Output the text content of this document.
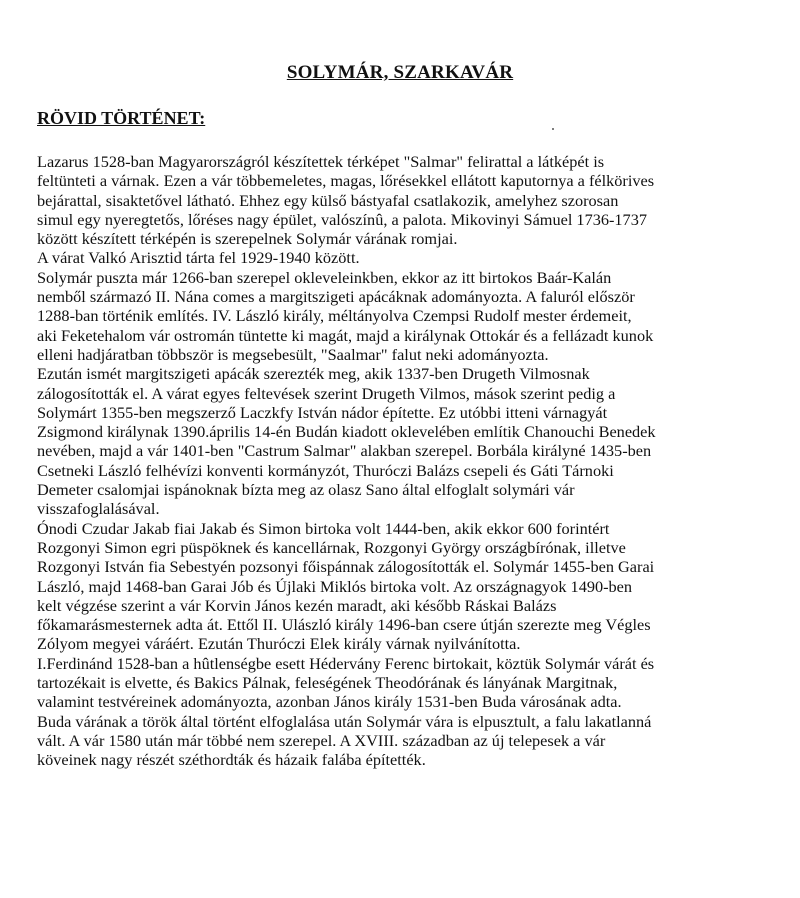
SOLYMÁR, SZARKAVÁR
RÖVID TÖRTÉNET:
Lazarus 1528-ban Magyarországról készítettek térképet "Salmar" felirattal a látképét is
feltünteti a várnak. Ezen a vár többemeletes, magas, lőrésekkel ellátott kaputornya a félkörives
bejárattal, sisaktetővel látható. Ehhez egy külső bástyafal csatlakozik, amelyhez szorosan
simul egy nyeregtetős, lőréses nagy épület, valószínû, a palota. Mikovinyi Sámuel 1736-1737
között készített térképén is szerepelnek Solymár várának romjai.
A várat Valkó Arisztid tárta fel 1929-1940 között.
Solymár puszta már 1266-ban szerepel okleveleinkben, ekkor az itt birtokos Baár-Kalán
nemből származó II. Nána comes a margitszigeti apácáknak adományozta. A faluról először
1288-ban történik említés. IV. László király, méltányolva Czempsi Rudolf mester érdemeit,
aki Feketehalom vár ostromán tüntette ki magát, majd a királynak Ottokár és a fellázadt kunok
elleni hadjáratban többször is megsebesült, "Saalmar" falut neki adományozta.
Ezután ismét margitszigeti apácák szerezték meg, akik 1337-ben Drugeth Vilmosnak
zálogosították el. A várat egyes feltevések szerint Drugeth Vilmos, mások szerint pedig a
Solymárt 1355-ben megszerző Laczkfy István nádor építette. Ez utóbbi itteni várnagyát
Zsigmond királynak 1390.április 14-én Budán kiadott oklevelében említik Chanouchi Benedek
nevében, majd a vár 1401-ben "Castrum Salmar" alakban szerepel. Borbála királyné 1435-ben
Csetneki László felhévízi konventi kormányzót, Thuróczi Balázs csepeli és Gáti Tárnoki
Demeter csalomjai ispánoknak bízta meg az olasz Sano által elfoglalt solymári vár
visszafoglalásával.
Ónodi Czudar Jakab fiai Jakab és Simon birtoka volt 1444-ben, akik ekkor 600 forintért
Rozgonyi Simon egri püspöknek és kancellárnak, Rozgonyi György országbírónak, illetve
Rozgonyi István fia Sebestyén pozsonyi főispánnak zálogosították el. Solymár 1455-ben Garai
László, majd 1468-ban Garai Jób és Újlaki Miklós birtoka volt. Az országnagyok 1490-ben
kelt végzése szerint a vár Korvin János kezén maradt, aki később Ráskai Balázs
főkamarásmesternek adta át. Ettől II. Ulászló király 1496-ban csere útján szerezte meg Végles
Zólyom megyei váráért. Ezután Thuróczi Elek király várnak nyilvánította.
I.Ferdinánd 1528-ban a hûtlenségbe esett Hédervány Ferenc birtokait, köztük Solymár várát és
tartozékait is elvette, és Bakics Pálnak, feleségének Theodórának és lányának Margitnak,
valamint testvéreinek adományozta, azonban János király 1531-ben Buda városának adta.
Buda várának a török által történt elfoglalása után Solymár vára is elpusztult, a falu lakatlanná
vált. A vár 1580 után már többé nem szerepel. A XVIII. században az új telepesek a vár
köveinek nagy részét széthordták és házaik falába építették.
